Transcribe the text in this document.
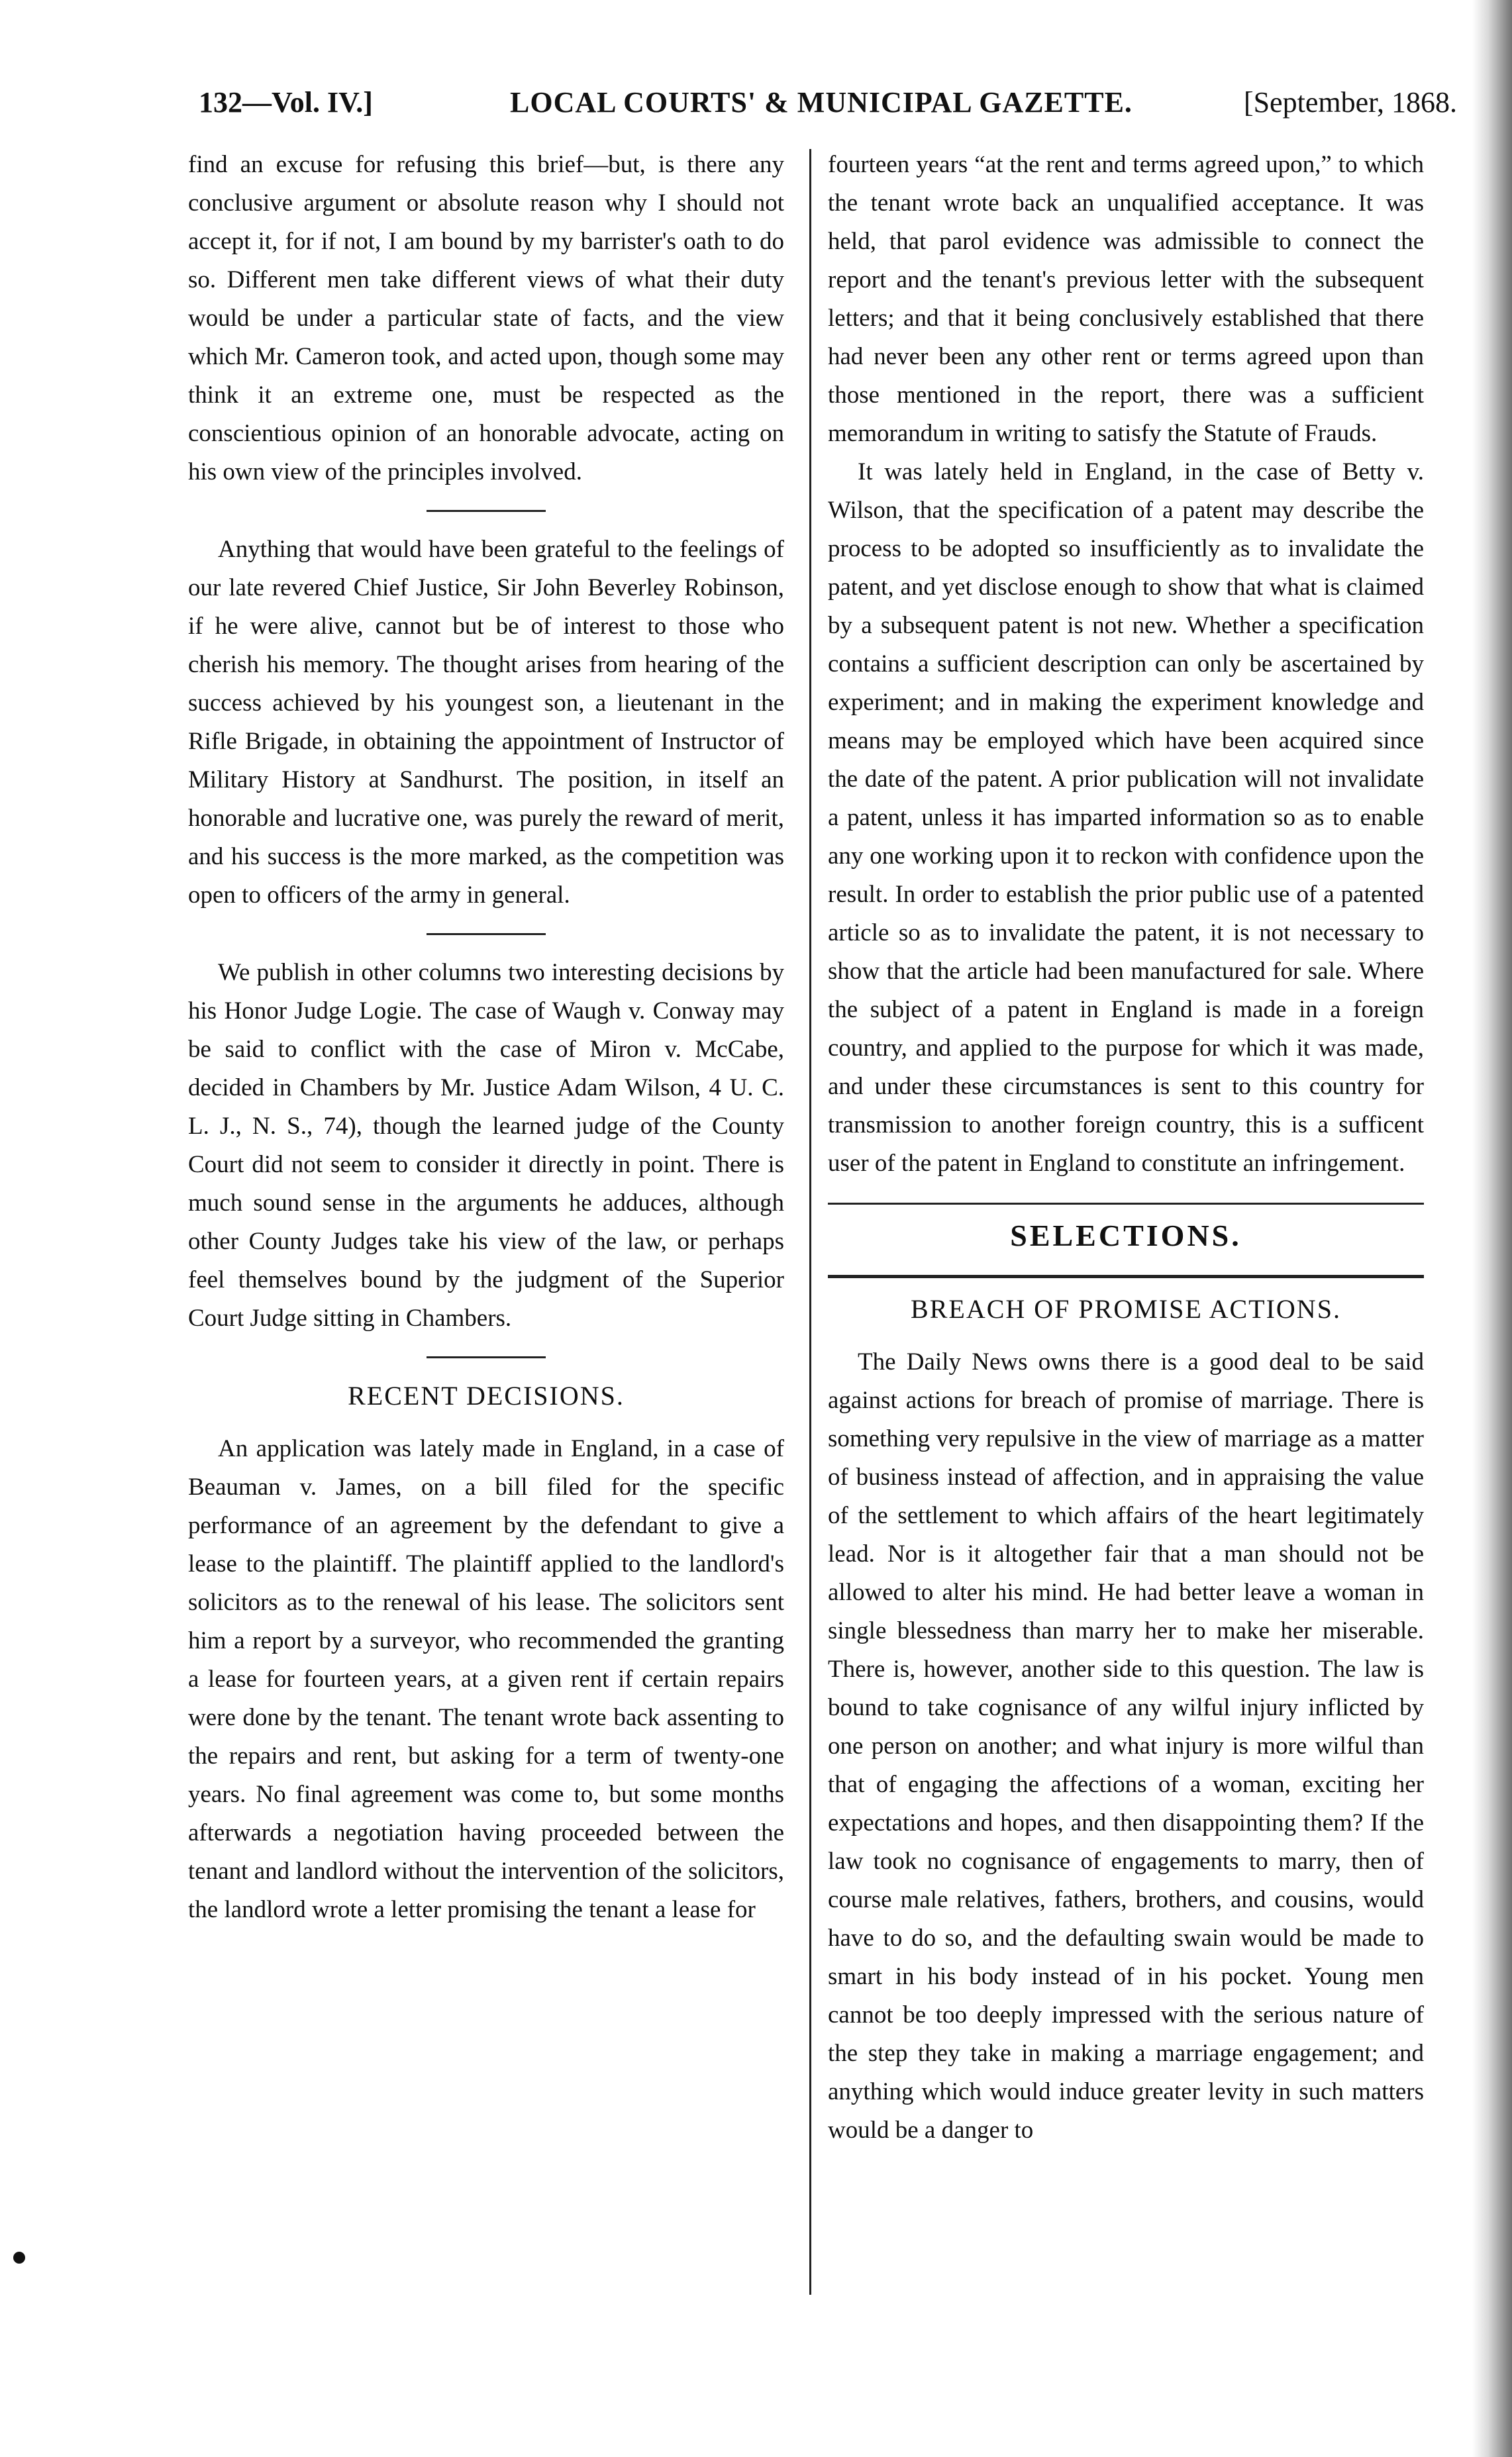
132—Vol. IV.]	LOCAL COURTS' & MUNICIPAL GAZETTE.	[September, 1868.

find an excuse for refusing this brief—but, is there any conclusive argument or absolute reason why I should not accept it, for if not, I am bound by my barrister's oath to do so. Different men take different views of what their duty would be under a particular state of facts, and the view which Mr. Cameron took, and acted upon, though some may think it an extreme one, must be respected as the conscientious opinion of an honorable advocate, acting on his own view of the principles involved.

Anything that would have been grateful to the feelings of our late revered Chief Justice, Sir John Beverley Robinson, if he were alive, cannot but be of interest to those who cherish his memory. The thought arises from hearing of the success achieved by his youngest son, a lieutenant in the Rifle Brigade, in obtaining the appointment of Instructor of Military History at Sandhurst. The position, in itself an honorable and lucrative one, was purely the reward of merit, and his success is the more marked, as the competition was open to officers of the army in general.

We publish in other columns two interesting decisions by his Honor Judge Logie. The case of Waugh v. Conway may be said to conflict with the case of Miron v. McCabe, decided in Chambers by Mr. Justice Adam Wilson, 4 U. C. L. J., N. S., 74), though the learned judge of the County Court did not seem to consider it directly in point. There is much sound sense in the arguments he adduces, although other County Judges take his view of the law, or perhaps feel themselves bound by the judgment of the Superior Court Judge sitting in Chambers.

RECENT DECISIONS.

An application was lately made in England, in a case of Beauman v. James, on a bill filed for the specific performance of an agreement by the defendant to give a lease to the plaintiff. The plaintiff applied to the landlord's solicitors as to the renewal of his lease. The solicitors sent him a report by a surveyor, who recommended the granting a lease for fourteen years, at a given rent if certain repairs were done by the tenant. The tenant wrote back assenting to the repairs and rent, but asking for a term of twenty-one years. No final agreement was come to, but some months afterwards a negotiation having proceeded between the tenant and landlord without the intervention of the solicitors, the landlord wrote a letter promising the tenant a lease for

fourteen years “at the rent and terms agreed upon,” to which the tenant wrote back an unqualified acceptance. It was held, that parol evidence was admissible to connect the report and the tenant's previous letter with the subsequent letters; and that it being conclusively established that there had never been any other rent or terms agreed upon than those mentioned in the report, there was a sufficient memorandum in writing to satisfy the Statute of Frauds.

It was lately held in England, in the case of Betty v. Wilson, that the specification of a patent may describe the process to be adopted so insufficiently as to invalidate the patent, and yet disclose enough to show that what is claimed by a subsequent patent is not new. Whether a specification contains a sufficient description can only be ascertained by experiment; and in making the experiment knowledge and means may be employed which have been acquired since the date of the patent. A prior publication will not invalidate a patent, unless it has imparted information so as to enable any one working upon it to reckon with confidence upon the result. In order to establish the prior public use of a patented article so as to invalidate the patent, it is not necessary to show that the article had been manufactured for sale. Where the subject of a patent in England is made in a foreign country, and applied to the purpose for which it was made, and under these circumstances is sent to this country for transmission to another foreign country, this is a sufficent user of the patent in England to constitute an infringement.

SELECTIONS.
BREACH OF PROMISE ACTIONS.

The Daily News owns there is a good deal to be said against actions for breach of promise of marriage. There is something very repulsive in the view of marriage as a matter of business instead of affection, and in appraising the value of the settlement to which affairs of the heart legitimately lead. Nor is it altogether fair that a man should not be allowed to alter his mind. He had better leave a woman in single blessedness than marry her to make her miserable. There is, however, another side to this question. The law is bound to take cognisance of any wilful injury inflicted by one person on another; and what injury is more wilful than that of engaging the affections of a woman, exciting her expectations and hopes, and then disappointing them? If the law took no cognisance of engagements to marry, then of course male relatives, fathers, brothers, and cousins, would have to do so, and the defaulting swain would be made to smart in his body instead of in his pocket. Young men cannot be too deeply impressed with the serious nature of the step they take in making a marriage engagement; and anything which would induce greater levity in such matters would be a danger to
